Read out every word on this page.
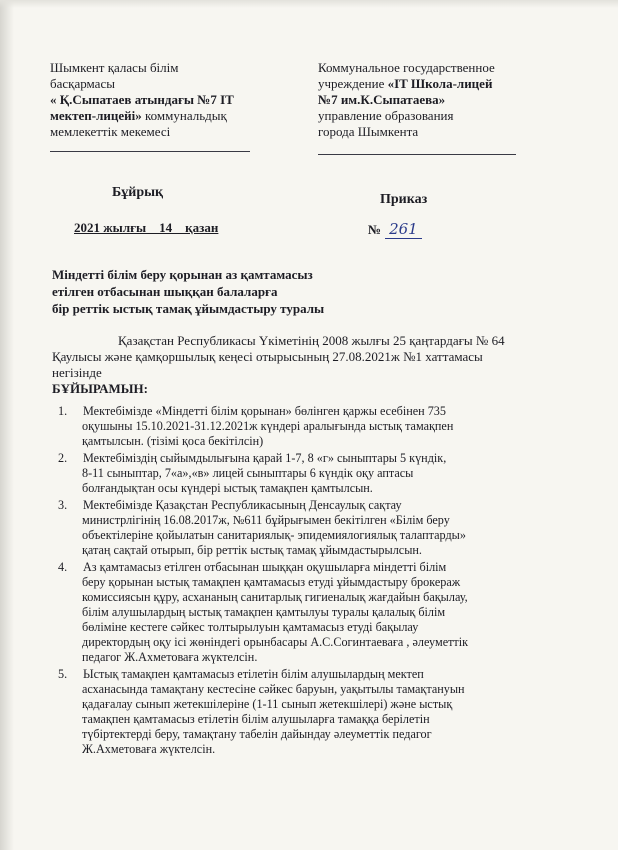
Шымкент қаласы білім
басқармасы
« Қ.Сыпатаев атындағы №7 IT
мектеп-лицейі» коммунальдық
мемлекеттік мекемесі
Коммунальное государственное
учреждение «IT Школа-лицей
№7 им.К.Сыпатаева»
управление образования
города Шымкента
Бұйрық	Приказ
2021 жылғы    14    қазан	№ 261
Міндетті білім беру қорынан аз қамтамасыз
етілген отбасынан шыққан балаларға
бір реттік ыстық тамақ ұйымдастыру туралы
Қазақстан Республикасы Үкіметінің 2008 жылғы 25 қаңтардағы № 64
Қаулысы және қамқоршылық кеңесі отырысының 27.08.2021ж №1 хаттамасы
негізінде
БҰЙЫРАМЫН:
1. Мектебімізде «Міндетті білім қорынан» бөлінген қаржы есебінен 735
оқушыны 15.10.2021-31.12.2021ж күндері аралығында ыстық тамақпен
қамтылсын. (тізімі қоса бекітілсін)
2. Мектебімiздің сыйымдылығына қарай 1-7, 8 «г» сыныптары 5 күндік,
8-11 сыныптар, 7«а»,«в» лицей сыныптары 6 күндік оқу аптасы
болғандықтан осы күндері ыстық тамақпен қамтылсын.
3. Мектебімізде Қазақстан Республикасының Денсаулық сақтау
министрлігінің 16.08.2017ж, №611 бұйрығымен бекітілген «Білім беру
объектілеріне қойылатын санитариялық- эпидемиялогиялық талаптарды»
қатаң сақтай отырып, бір реттік ыстық тамақ ұйымдастырылсын.
4. Аз қамтамасыз етілген отбасынан шыққан оқушыларға міндетті білім
беру қорынан ыстық тамақпен қамтамасыз етуді ұйымдастыру брокераж
комиссиясын құру, асхананың санитарлық гигиеналық жағдайын бақылау,
білім алушылардың ыстық тамақпен қамтылуы туралы қалалық білім
бөліміне кестеге сәйкес толтырылуын қамтамасыз етуді бақылау
директордың оқу ісі жөніндегі орынбасары А.С.Согинтаеваға , әлеуметтік
педагог Ж.Ахметоваға жүктелсін.
5. Ыстық тамақпен қамтамасыз етілетін білім алушылардың мектеп
асханасында тамақтану кестесіне сәйкес баруын, уақытылы тамақтануын
қадағалау сынып жетекшілеріне (1-11 сынып жетекшілері) және ыстық
тамақпен қамтамасыз етілетін білім алушыларға тамаққа берілетін
түбіртектерді беру, тамақтану табелін дайындау әлеуметтік педагог
Ж.Ахметоваға жүктелсін.
